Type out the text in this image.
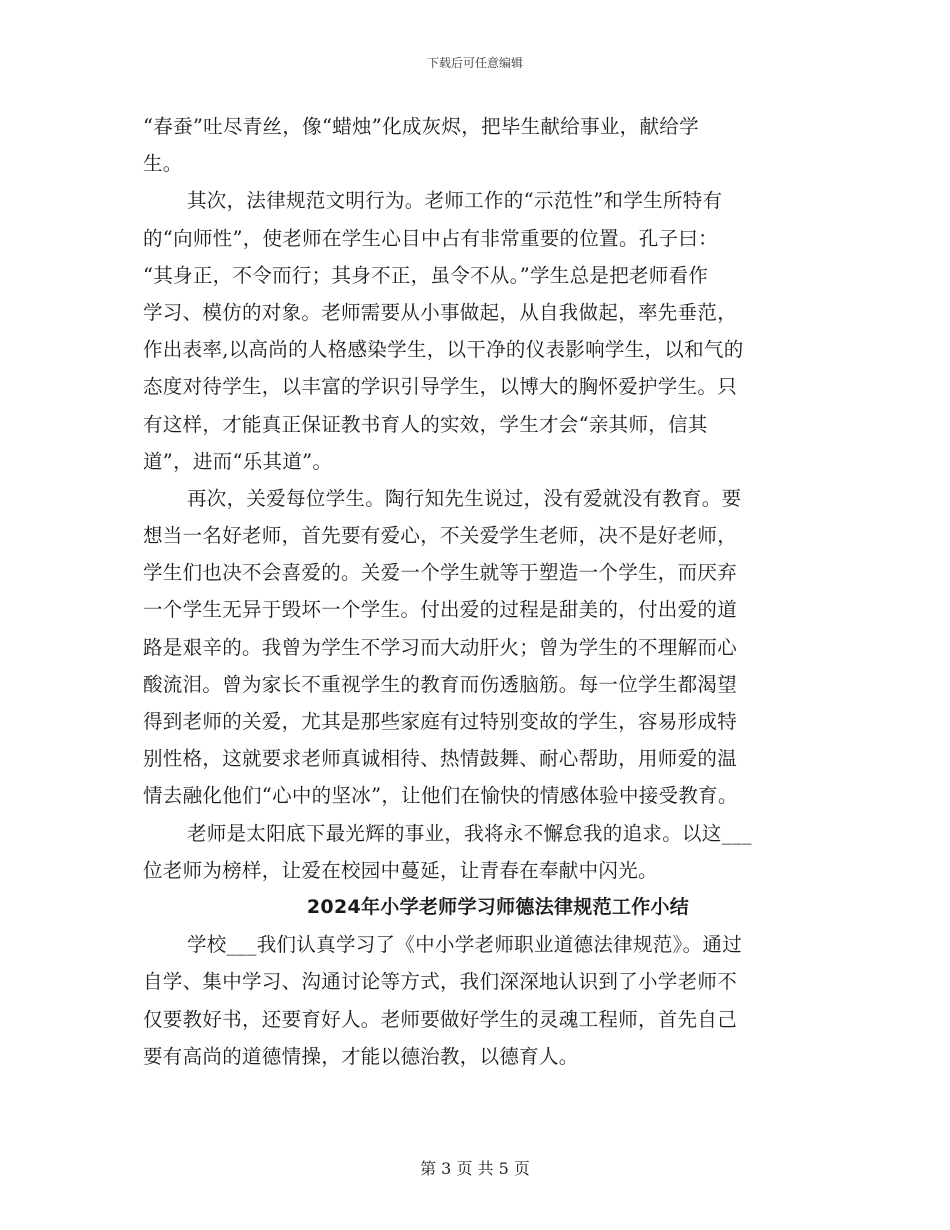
下载后可任意编辑
“春蚕”吐尽青丝，像“蜡烛”化成灰烬，把毕生献给事业，献给学
生。
其次，法律规范文明行为。老师工作的“示范性”和学生所特有
的“向师性”，使老师在学生心目中占有非常重要的位置。孔子曰：
“其身正，不令而行；其身不正，虽令不从。”学生总是把老师看作
学习、模仿的对象。老师需要从小事做起，从自我做起，率先垂范，
作出表率,以高尚的人格感染学生，以干净的仪表影响学生，以和气的
态度对待学生，以丰富的学识引导学生，以博大的胸怀爱护学生。只
有这样，才能真正保证教书育人的实效，学生才会“亲其师，信其
道”，进而“乐其道”。
再次，关爱每位学生。陶行知先生说过，没有爱就没有教育。要
想当一名好老师，首先要有爱心，不关爱学生老师，决不是好老师，
学生们也决不会喜爱的。关爱一个学生就等于塑造一个学生，而厌弃
一个学生无异于毁坏一个学生。付出爱的过程是甜美的，付出爱的道
路是艰辛的。我曾为学生不学习而大动肝火；曾为学生的不理解而心
酸流泪。曾为家长不重视学生的教育而伤透脑筋。每一位学生都渴望
得到老师的关爱，尤其是那些家庭有过特别变故的学生，容易形成特
别性格，这就要求老师真诚相待、热情鼓舞、耐心帮助，用师爱的温
情去融化他们“心中的坚冰”，让他们在愉快的情感体验中接受教育。
老师是太阳底下最光辉的事业，我将永不懈怠我的追求。以这___
位老师为榜样，让爱在校园中蔓延，让青春在奉献中闪光。
2024年小学老师学习师德法律规范工作小结
学校___我们认真学习了《中小学老师职业道德法律规范》。通过
自学、集中学习、沟通讨论等方式，我们深深地认识到了小学老师不
仅要教好书，还要育好人。老师要做好学生的灵魂工程师，首先自己
要有高尚的道德情操，才能以德治教，以德育人。
第 3 页 共 5 页
